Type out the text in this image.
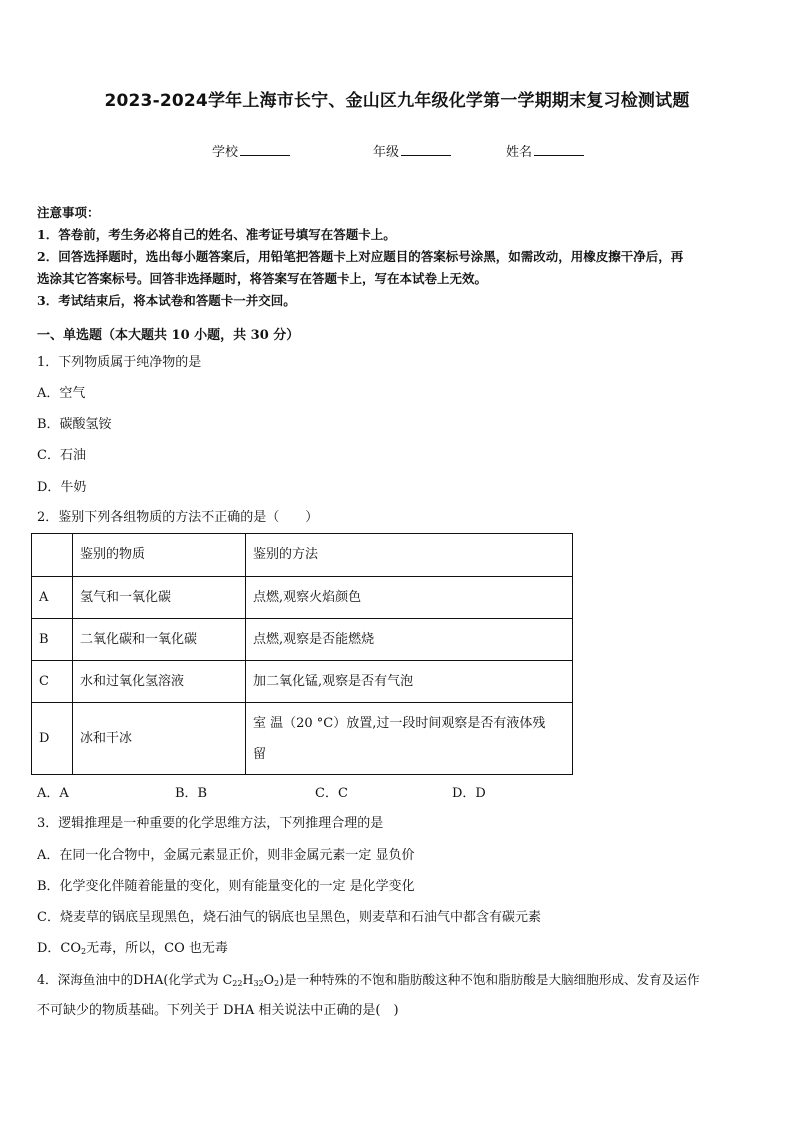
2023-2024学年上海市长宁、金山区九年级化学第一学期期末复习检测试题
学校	年级	姓名
注意事项：
1．答卷前，考生务必将自己的姓名、准考证号填写在答题卡上。
2．回答选择题时，选出每小题答案后，用铅笔把答题卡上对应题目的答案标号涂黑，如需改动，用橡皮擦干净后，再
选涂其它答案标号。回答非选择题时，将答案写在答题卡上，写在本试卷上无效。
3．考试结束后，将本试卷和答题卡一并交回。
一、单选题（本大题共 10 小题，共 30 分）
1．下列物质属于纯净物的是
A．空气
B．碳酸氢铵
C．石油
D．牛奶
2．鉴别下列各组物质的方法不正确的是（　　）
	鉴别的物质	鉴别的方法
A	氢气和一氧化碳	点燃,观察火焰颜色
B	二氧化碳和一氧化碳	点燃,观察是否能燃烧
C	水和过氧化氢溶液	加二氧化锰,观察是否有气泡
D	冰和干冰	室 温（20 °C）放置,过一段时间观察是否有液体残
留
A．A	B．B	C．C	D．D
3．逻辑推理是一种重要的化学思维方法，下列推理合理的是
A．在同一化合物中，金属元素显正价，则非金属元素一定 显负价
B．化学变化伴随着能量的变化，则有能量变化的一定 是化学变化
C．烧麦草的锅底呈现黑色，烧石油气的锅底也呈黑色，则麦草和石油气中都含有碳元素
D．$CO_2$无毒，所以，CO 也无毒
4．深海鱼油中的DHA(化学式为 $C_{22}H_{32}O_2$)是一种特殊的不饱和脂肪酸这种不饱和脂肪酸是大脑细胞形成、发育及运作
不可缺少的物质基础。下列关于 DHA 相关说法中正确的是(　)
